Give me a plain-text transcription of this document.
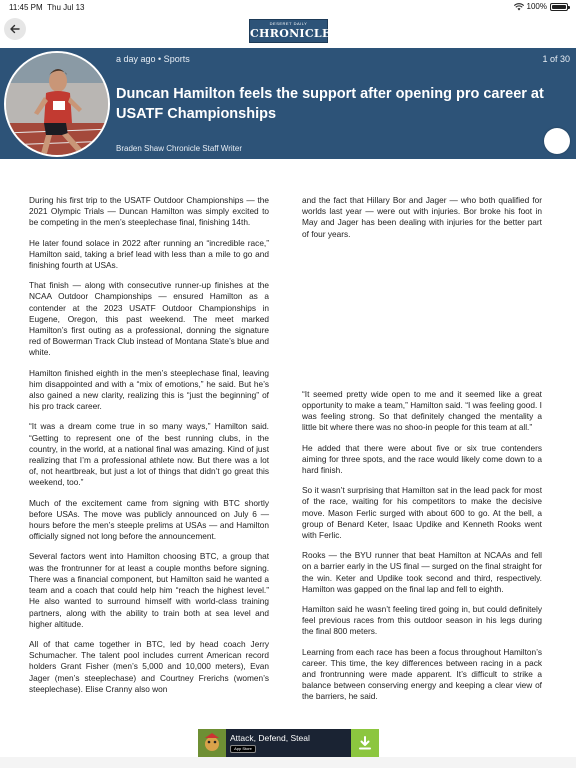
11:45 PM Thu Jul 13	100%
DESERET DAILY
CHRONICLE
a day ago • Sports	1 of 30
Duncan Hamilton feels the support after opening pro career at USATF Championships
Braden Shaw Chronicle Staff Writer

During his first trip to the USATF Outdoor Championships — the 2021 Olympic Trials — Duncan Hamilton was simply excited to be competing in the men’s steeplechase final, finishing 14th.

He later found solace in 2022 after running an “incredible race,” Hamilton said, taking a brief lead with less than a mile to go and finishing fourth at USAs.

That finish — along with consecutive runner-up finishes at the NCAA Outdoor Championships — ensured Hamilton as a contender at the 2023 USATF Outdoor Championships in Eugene, Oregon, this past weekend. The meet marked Hamilton’s first outing as a professional, donning the signature red of Bowerman Track Club instead of Montana State’s blue and white.

Hamilton finished eighth in the men’s steeplechase final, leaving him disappointed and with a “mix of emotions,” he said. But he’s also gained a new clarity, realizing this is “just the beginning” of his pro track career.

“It was a dream come true in so many ways,” Hamilton said. “Getting to represent one of the best running clubs, in the country, in the world, at a national final was amazing. Kind of just realizing that I’m a professional athlete now. But there was a lot of, not heartbreak, but just a lot of things that didn’t go great this weekend, too.”

Much of the excitement came from signing with BTC shortly before USAs. The move was publicly announced on July 6 — hours before the men’s steeple prelims at USAs — and Hamilton officially signed not long before the announcement.

Several factors went into Hamilton choosing BTC, a group that was the frontrunner for at least a couple months before signing. There was a financial component, but Hamilton said he wanted a team and a coach that could help him “reach the highest level.” He also wanted to surround himself with world-class training partners, along with the ability to train both at sea level and higher altitude.

All of that came together in BTC, led by head coach Jerry Schumacher. The talent pool includes current American record holders Grant Fisher (men’s 5,000 and 10,000 meters), Evan Jager (men’s steeplechase) and Courtney Frerichs (women’s steeplechase). Elise Cranny also won

and the fact that Hillary Bor and Jager — who both qualified for worlds last year — were out with injuries. Bor broke his foot in May and Jager has been dealing with injuries for the better part of four years.

“It seemed pretty wide open to me and it seemed like a great opportunity to make a team,” Hamilton said. “I was feeling good. I was feeling strong. So that definitely changed the mentality a little bit where there was no shoo-in people for this team at all.”

He added that there were about five or six true contenders aiming for three spots, and the race would likely come down to a hard finish.

So it wasn’t surprising that Hamilton sat in the lead pack for most of the race, waiting for his competitors to make the decisive move. Mason Ferlic surged with about 600 to go. At the bell, a group of Benard Keter, Isaac Updike and Kenneth Rooks went with Ferlic.

Rooks — the BYU runner that beat Hamilton at NCAAs and fell on a barrier early in the US final — surged on the final straight for the win. Keter and Updike took second and third, respectively. Hamilton was gapped on the final lap and fell to eighth.

Hamilton said he wasn’t feeling tired going in, but could definitely feel previous races from this outdoor season in his legs during the final 800 meters.

Learning from each race has been a focus throughout Hamilton’s career. This time, the key differences between racing in a pack and frontrunning were made apparent. It’s difficult to strike a balance between conserving energy and keeping a clear view of the barriers, he said.

Attack, Defend, Steal
App Store
